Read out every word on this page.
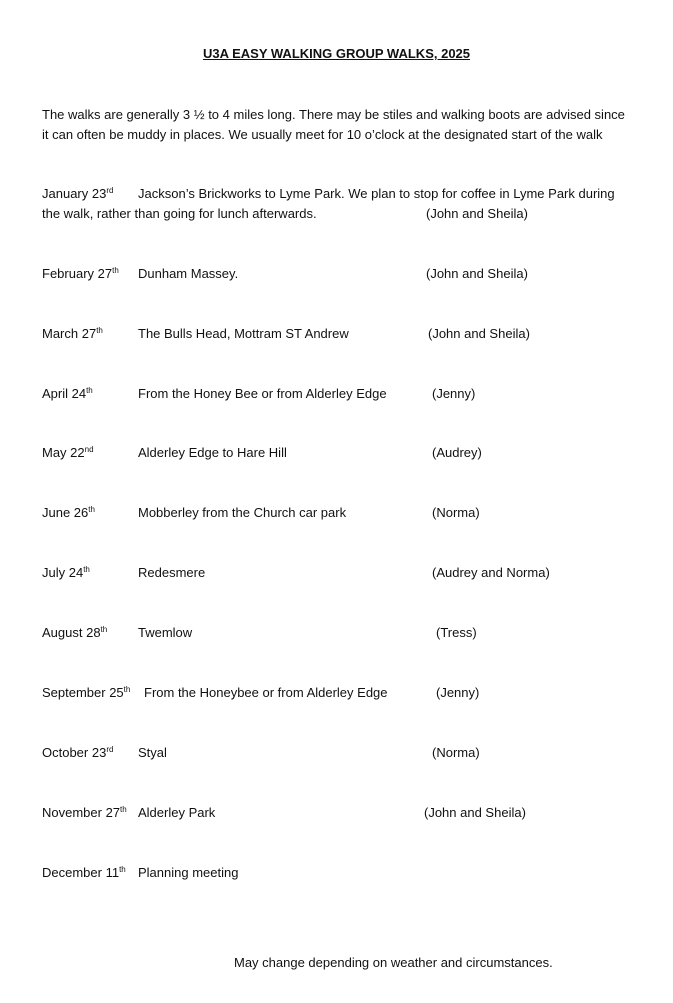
U3A EASY WALKING GROUP WALKS, 2025
The walks are generally 3 ½ to 4 miles long. There may be stiles and walking boots are advised since
it can often be muddy in places. We usually meet for 10 o’clock at the designated start of the walk
January 23rd Jackson’s Brickworks to Lyme Park. We plan to stop for coffee in Lyme Park during
the walk, rather than going for lunch afterwards.	(John and Sheila)
February 27th Dunham Massey.	(John and Sheila)
March 27th	The Bulls Head, Mottram ST Andrew	(John and Sheila)
April 24th	From the Honey Bee or from Alderley Edge	(Jenny)
May 22nd	Alderley Edge to Hare Hill	(Audrey)
June 26th	Mobberley from the Church car park	(Norma)
July 24th	Redesmere	(Audrey and Norma)
August 28th Twemlow	(Tress)
September 25th From the Honeybee or from Alderley Edge	(Jenny)
October 23rd Styal	(Norma)
November 27th Alderley Park	(John and Sheila)
December 11th Planning meeting
May change depending on weather and circumstances.
